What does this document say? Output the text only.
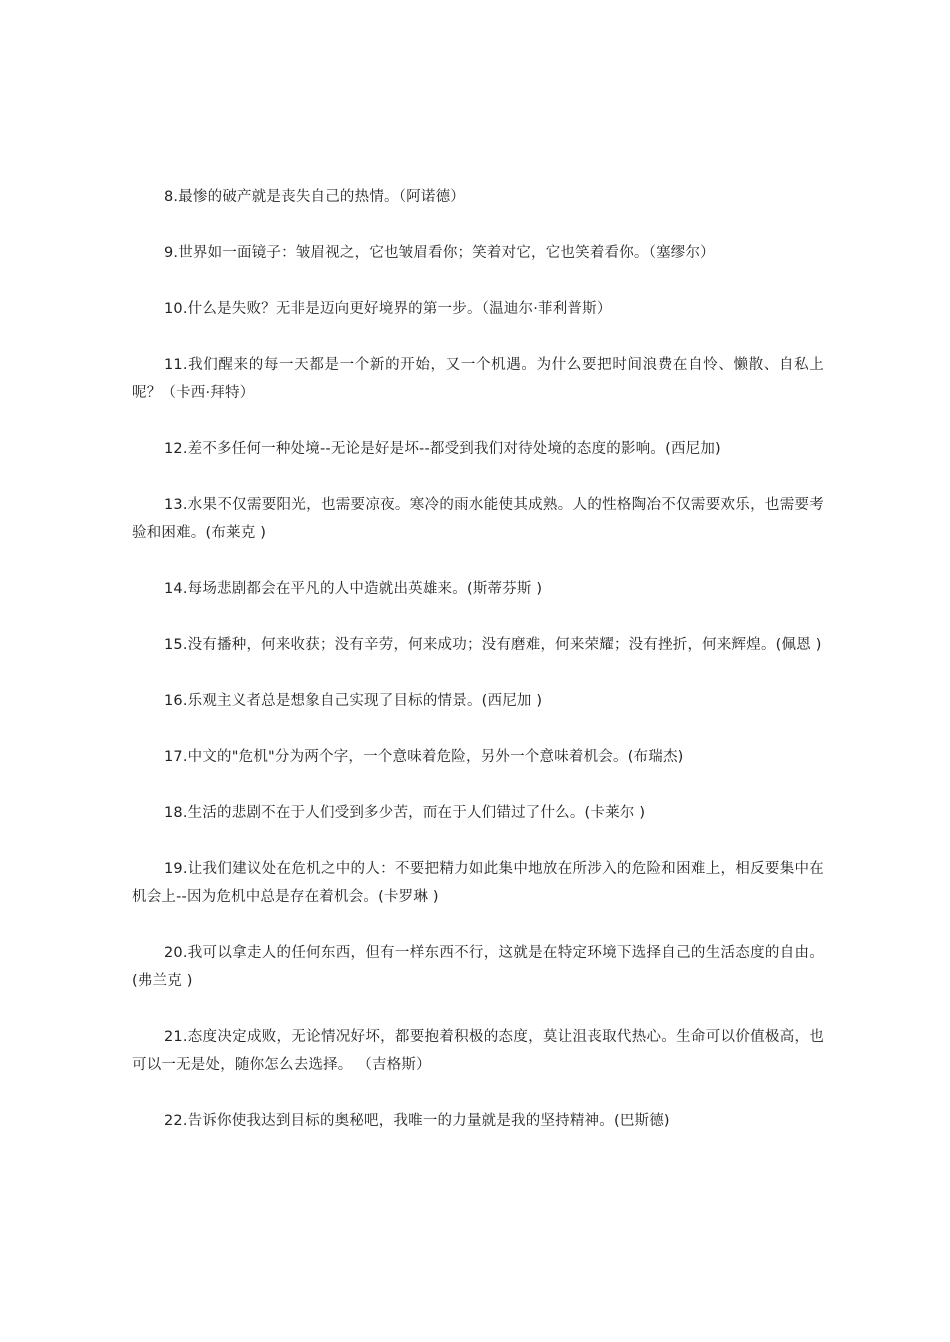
8.最惨的破产就是丧失自己的热情。（阿诺德）

9.世界如一面镜子：皱眉视之，它也皱眉看你；笑着对它，它也笑着看你。（塞缪尔）

10.什么是失败？无非是迈向更好境界的第一步。（温迪尔·菲利普斯）

11.我们醒来的每一天都是一个新的开始，又一个机遇。为什么要把时间浪费在自怜、懒散、自私上呢？（卡西·拜特）

12.差不多任何一种处境--无论是好是坏--都受到我们对待处境的态度的影响。(西尼加)

13.水果不仅需要阳光，也需要凉夜。寒冷的雨水能使其成熟。人的性格陶冶不仅需要欢乐，也需要考验和困难。(布莱克 )

14.每场悲剧都会在平凡的人中造就出英雄来。(斯蒂芬斯 )

15.没有播种，何来收获；没有辛劳，何来成功；没有磨难，何来荣耀；没有挫折，何来辉煌。(佩恩 )

16.乐观主义者总是想象自己实现了目标的情景。(西尼加 )

17.中文的"危机"分为两个字，一个意味着危险，另外一个意味着机会。(布瑞杰)

18.生活的悲剧不在于人们受到多少苦，而在于人们错过了什么。(卡莱尔 )

19.让我们建议处在危机之中的人：不要把精力如此集中地放在所涉入的危险和困难上，相反要集中在机会上--因为危机中总是存在着机会。(卡罗琳 )

20.我可以拿走人的任何东西，但有一样东西不行，这就是在特定环境下选择自己的生活态度的自由。(弗兰克 )

21.态度决定成败，无论情况好坏，都要抱着积极的态度，莫让沮丧取代热心。生命可以价值极高，也可以一无是处，随你怎么去选择。 （吉格斯）

22.告诉你使我达到目标的奥秘吧，我唯一的力量就是我的坚持精神。(巴斯德)
